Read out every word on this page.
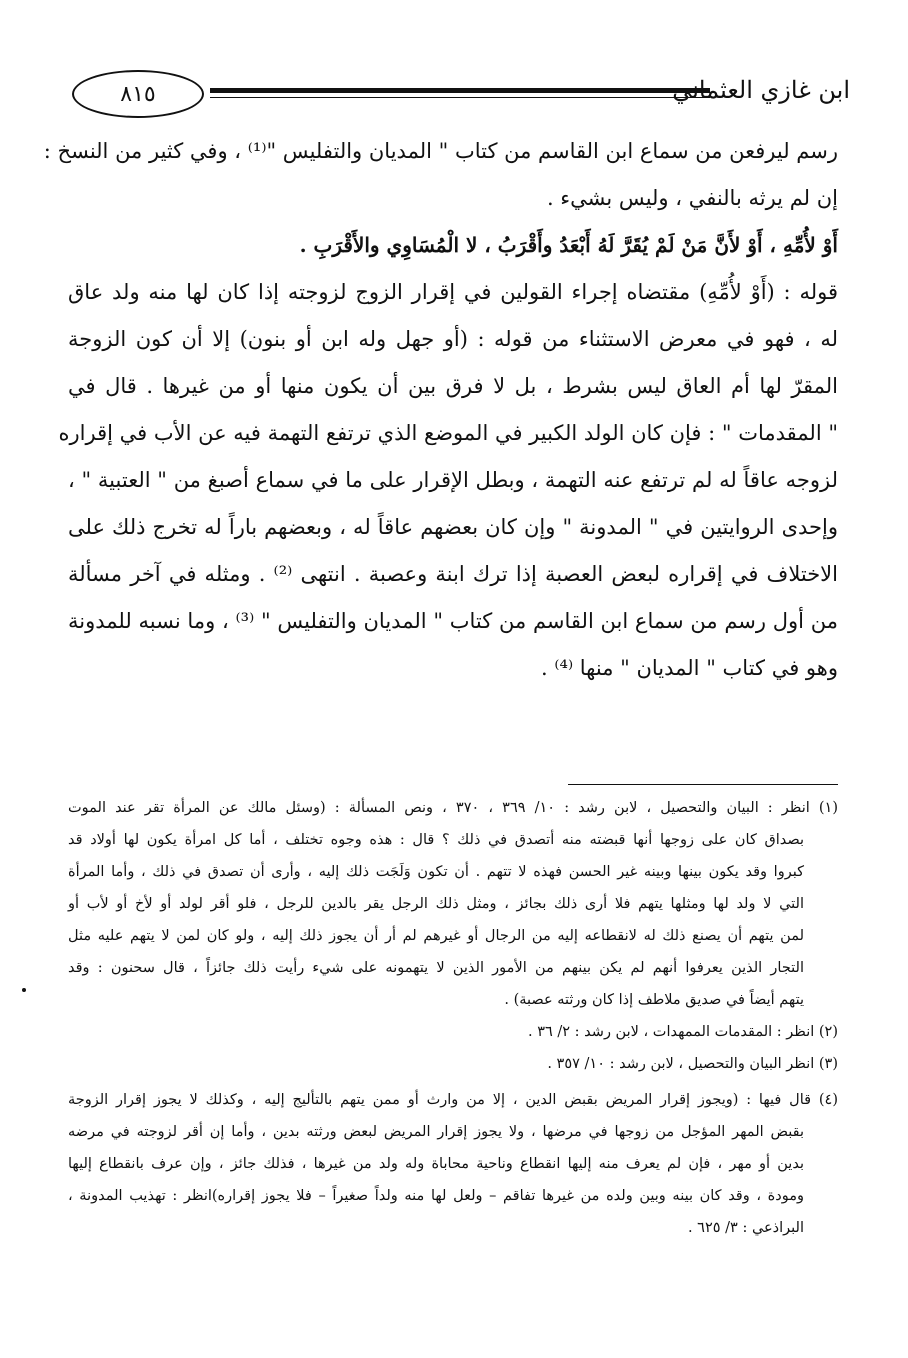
٨١٥	ابن غازي العثماني
رسم ليرفعن من سماع ابن القاسم من كتاب " المديان والتفليس "⁽¹⁾ ، وفي كثير من النسخ :
إن لم يرثه بالنفي ، وليس بشيء .
أَوْ لأُمِّهِ ، أَوْ لأَنَّ مَنْ لَمْ يُقَرَّ لَهُ أَبْعَدُ وأَقْرَبُ ، لا الْمُسَاوِي والأَقْرَبِ .
قوله : (أَوْ لأُمِّهِ) مقتضاه إجراء القولين في إقرار الزوج لزوجته إذا كان لها منه ولد عاق
له ، فهو في معرض الاستثناء من قوله : (أو جهل وله ابن أو بنون) إلا أن كون الزوجة
المقرّ لها أم العاق ليس بشرط ، بل لا فرق بين أن يكون منها أو من غيرها . قال في
" المقدمات " : فإن كان الولد الكبير في الموضع الذي ترتفع التهمة فيه عن الأب في إقراره
لزوجه عاقاً له لم ترتفع عنه التهمة ، وبطل الإقرار على ما في سماع أصبغ من " العتبية " ،
وإحدى الروايتين في " المدونة " وإن كان بعضهم عاقاً له ، وبعضهم باراً له تخرج ذلك على
الاختلاف في إقراره لبعض العصبة إذا ترك ابنة وعصبة . انتهى ⁽²⁾ . ومثله في آخر مسألة
من أول رسم من سماع ابن القاسم من كتاب " المديان والتفليس " ⁽³⁾ ، وما نسبه للمدونة
وهو في كتاب " المديان " منها ⁽⁴⁾ .
(١) انظر : البيان والتحصيل ، لابن رشد : ١٠/ ٣٦٩ ، ٣٧٠ ، ونص المسألة : (وسئل مالك عن المرأة تقر عند الموت
بصداق كان على زوجها أنها قبضته منه أتصدق في ذلك ؟ قال : هذه وجوه تختلف ، أما كل امرأة يكون لها أولاد قد
كبروا وقد يكون بينها وبينه غير الحسن فهذه لا تتهم . أن تكون وَلَجَت ذلك إليه ، وأرى أن تصدق في ذلك ، وأما المرأة
التي لا ولد لها ومثلها يتهم فلا أرى ذلك بجائز ، ومثل ذلك الرجل يقر بالدين للرجل ، فلو أقر لولد أو لأخ أو لأب أو
لمن يتهم أن يصنع ذلك له لانقطاعه إليه من الرجال أو غيرهم لم أر أن يجوز ذلك إليه ، ولو كان لمن لا يتهم عليه مثل
التجار الذين يعرفوا أنهم لم يكن بينهم من الأمور الذين لا يتهمونه على شيء رأيت ذلك جائزاً ، قال سحنون : وقد
يتهم أيضاً في صديق ملاطف إذا كان ورثته عصبة) .
(٢) انظر : المقدمات الممهدات ، لابن رشد : ٢/ ٣٦ .
(٣) انظر البيان والتحصيل ، لابن رشد : ١٠/ ٣٥٧ .
(٤) قال فيها : (ويجوز إقرار المريض بقبض الدين ، إلا من وارث أو ممن يتهم بالتأليج إليه ، وكذلك لا يجوز إقرار الزوجة
بقبض المهر المؤجل من زوجها في مرضها ، ولا يجوز إقرار المريض لبعض ورثته بدين ، وأما إن أقر لزوجته في مرضه
بدين أو مهر ، فإن لم يعرف منه إليها انقطاع وناحية محاباة وله ولد من غيرها ، فذلك جائز ، وإن عرف بانقطاع إليها
ومودة ، وقد كان بينه وبين ولده من غيرها تفاقم – ولعل لها منه ولداً صغيراً – فلا يجوز إقراره)انظر : تهذيب المدونة ،
البراذعي : ٣/ ٦٢٥ .
